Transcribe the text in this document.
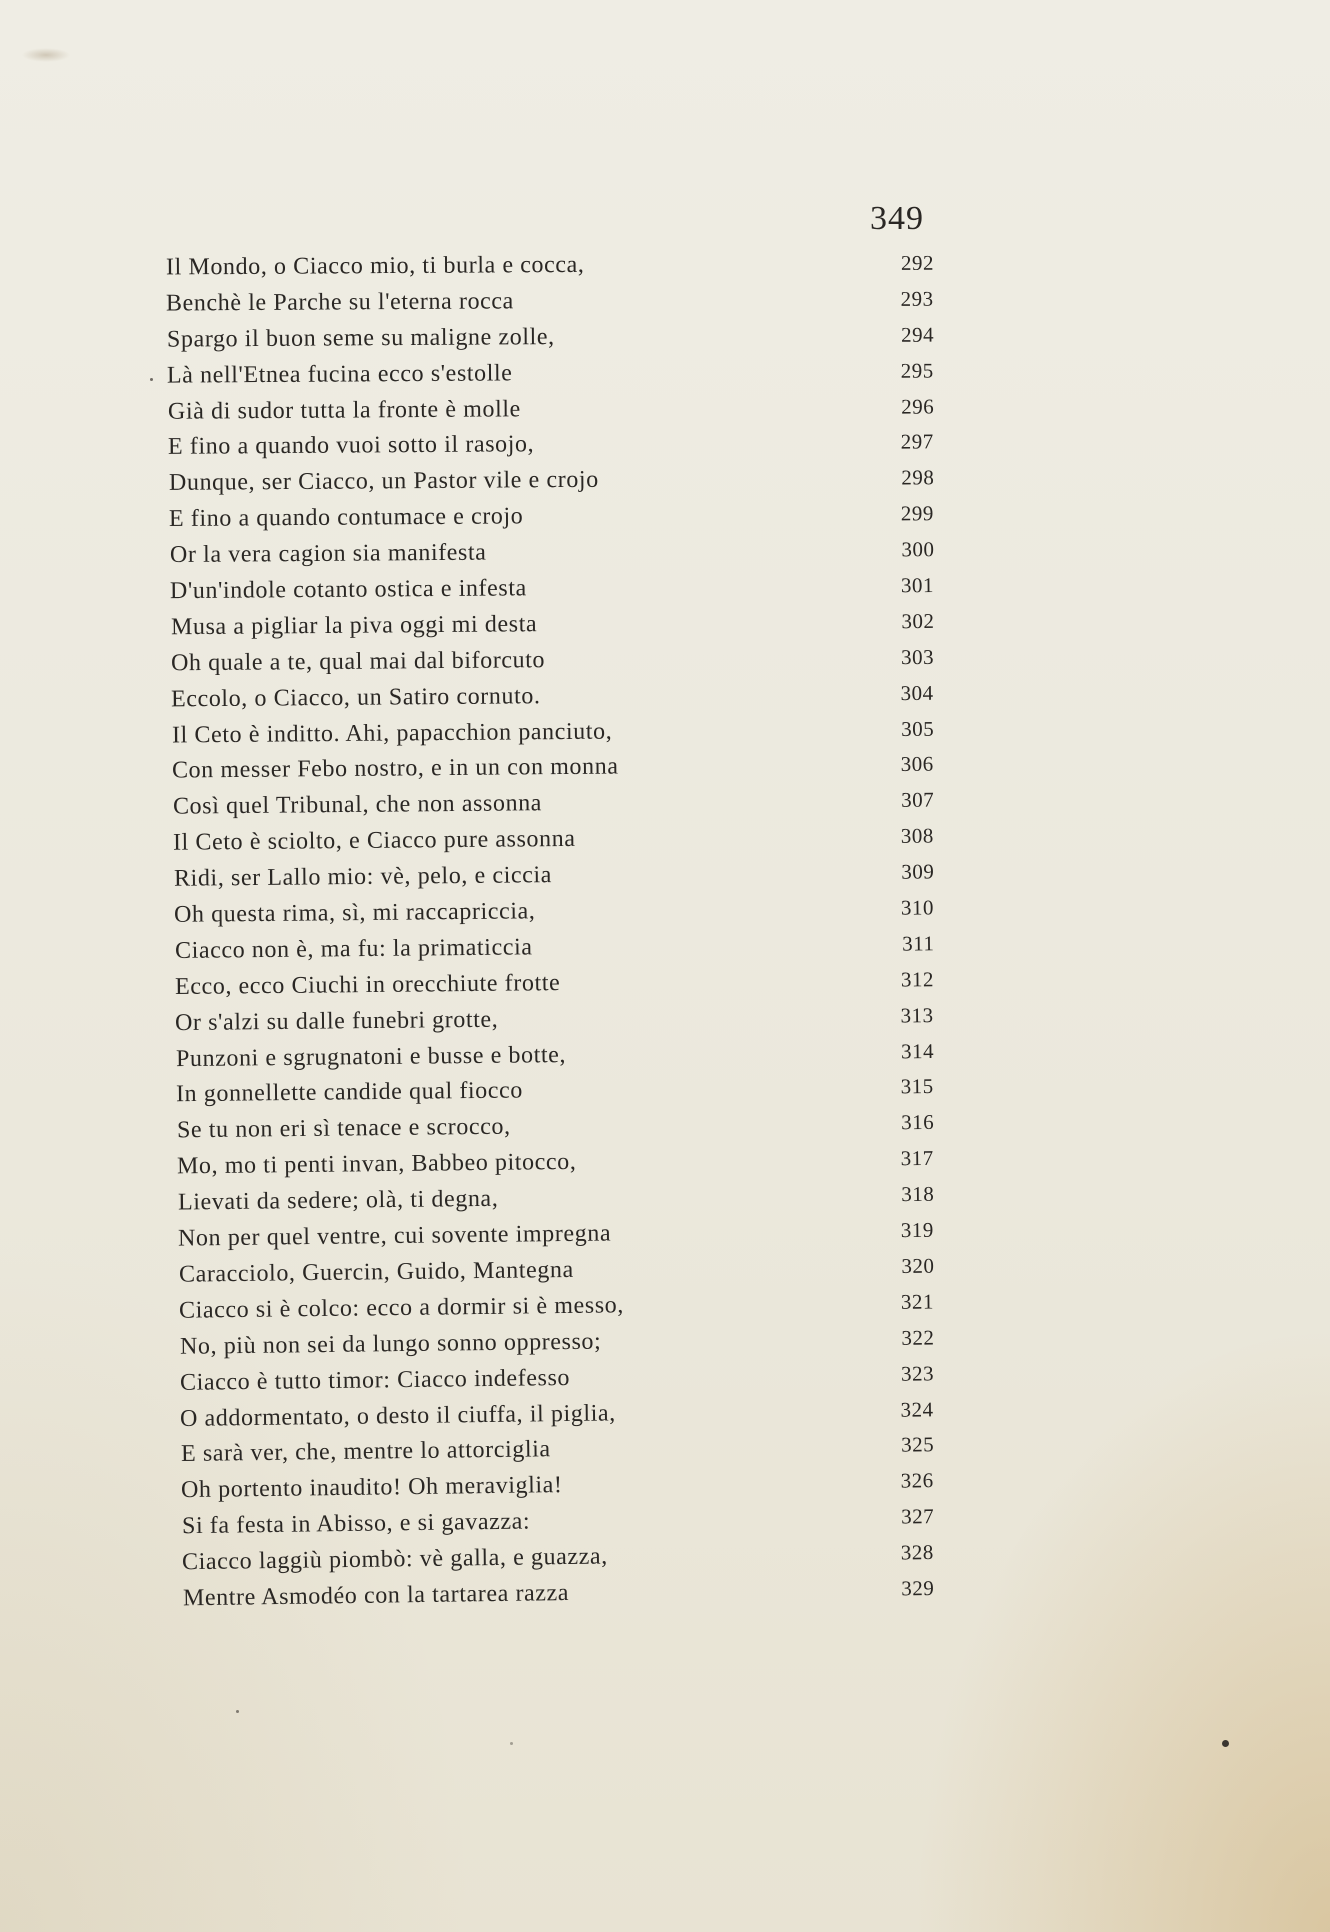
349
Il Mondo, o Ciacco mio, ti burla e cocca,	292
Benchè le Parche su l'eterna rocca	293
Spargo il buon seme su maligne zolle,	294
Là nell'Etnea fucina ecco s'estolle	295
Già di sudor tutta la fronte è molle	296
E fino a quando vuoi sotto il rasojo,	297
Dunque, ser Ciacco, un Pastor vile e crojo	298
E fino a quando contumace e crojo	299
Or la vera cagion sia manifesta	300
D'un'indole cotanto ostica e infesta	301
Musa a pigliar la piva oggi mi desta	302
Oh quale a te, qual mai dal biforcuto	303
Eccolo, o Ciacco, un Satiro cornuto.	304
Il Ceto è inditto. Ahi, papacchion panciuto,	305
Con messer Febo nostro, e in un con monna	306
Così quel Tribunal, che non assonna	307
Il Ceto è sciolto, e Ciacco pure assonna	308
Ridi, ser Lallo mio: vè, pelo, e ciccia	309
Oh questa rima, sì, mi raccapriccia,	310
Ciacco non è, ma fu: la primaticcia	311
Ecco, ecco Ciuchi in orecchiute frotte	312
Or s'alzi su dalle funebri grotte,	313
Punzoni e sgrugnatoni e busse e botte,	314
In gonnellette candide qual fiocco	315
Se tu non eri sì tenace e scrocco,	316
Mo, mo ti penti invan, Babbeo pitocco,	317
Lievati da sedere; olà, ti degna,	318
Non per quel ventre, cui sovente impregna	319
Caracciolo, Guercin, Guido, Mantegna	320
Ciacco si è colco: ecco a dormir si è messo,	321
No, più non sei da lungo sonno oppresso;	322
Ciacco è tutto timor: Ciacco indefesso	323
O addormentato, o desto il ciuffa, il piglia,	324
E sarà ver, che, mentre lo attorciglia	325
Oh portento inaudito! Oh meraviglia!	326
Si fa festa in Abisso, e si gavazza:	327
Ciacco laggiù piombò: vè galla, e guazza,	328
Mentre Asmodéo con la tartarea razza	329
